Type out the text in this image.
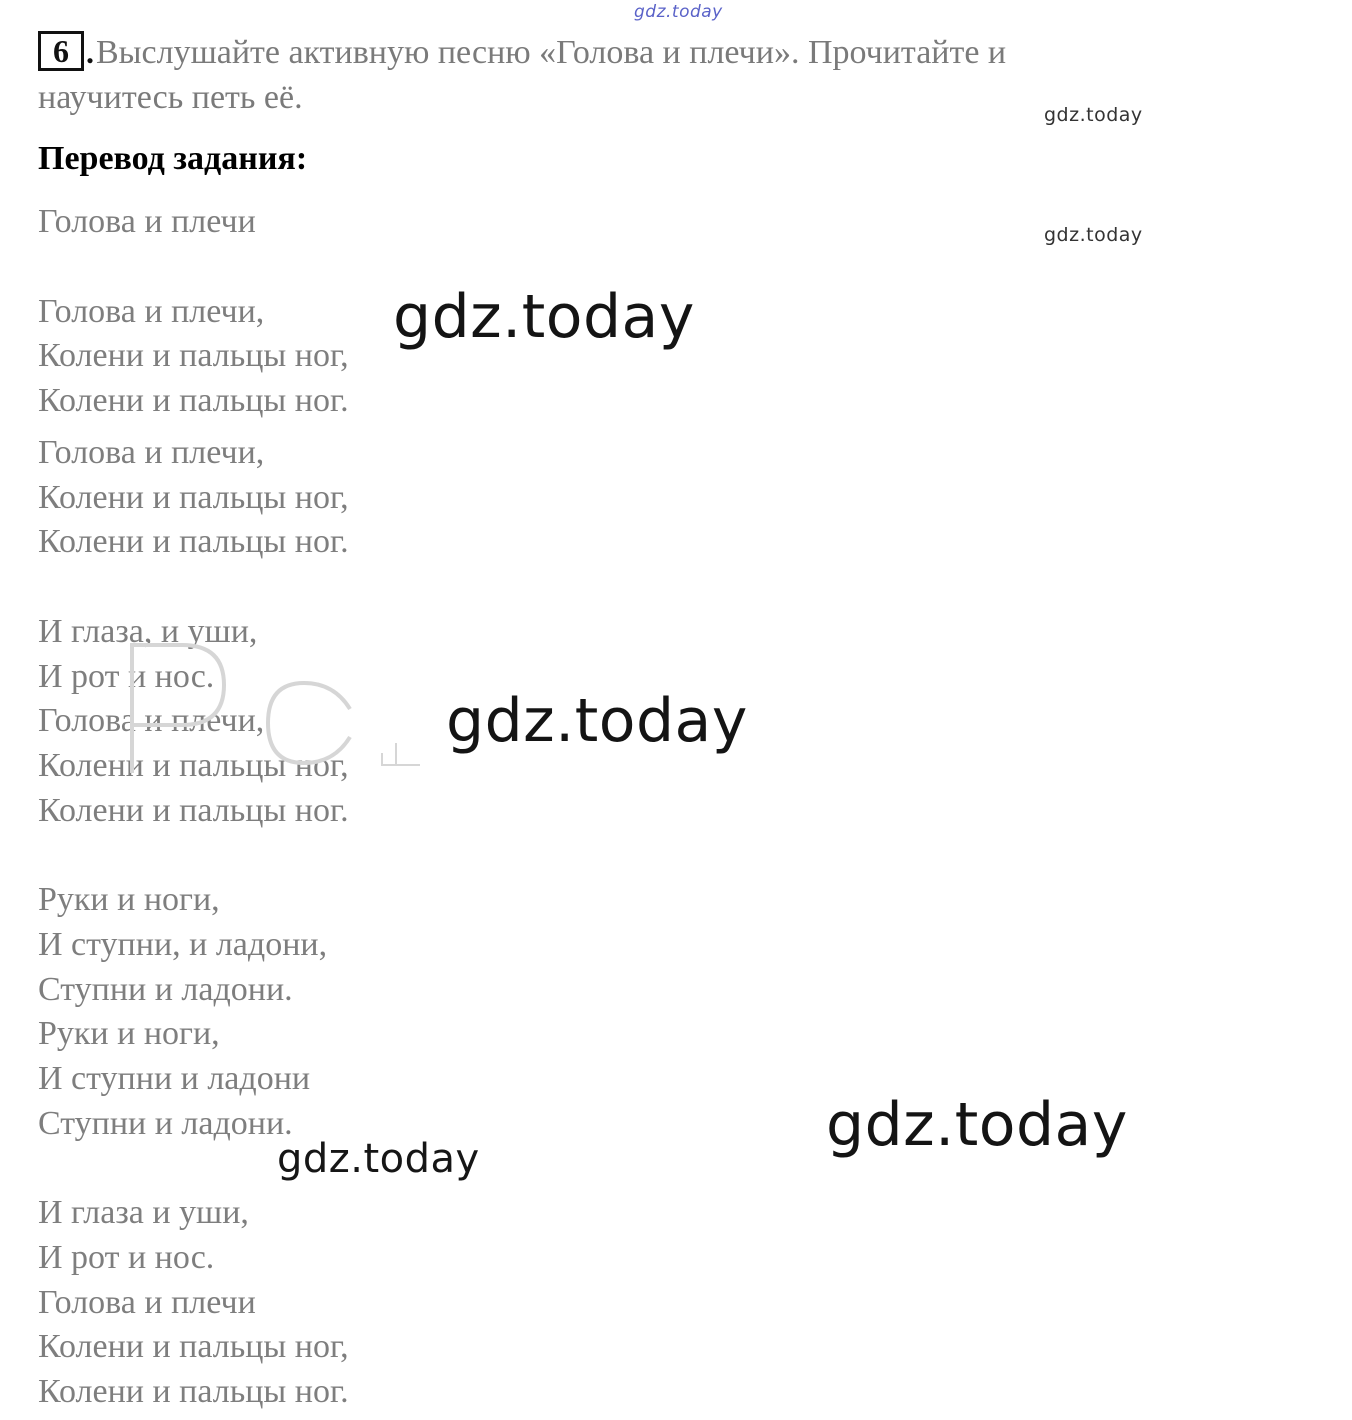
gdz.today
6 . Выслушайте активную песню «Голова и плечи». Прочитайте и научитесь петь её.	gdz.today
Перевод задания:

Голова и плечи	gdz.today

Голова и плечи,

Колени и пальцы ног,

Колени и пальцы ног.

Голова и плечи,

Колени и пальцы ног,

Колени и пальцы ног.

gdz.today

И глаза, и уши,

И рот и нос.

Голова и плечи,

Колени и пальцы ног,

Колени и пальцы ног.

gdz.today

Руки и ноги,

И ступни, и ладони,

Ступни и ладони.

Руки и ноги,

И ступни и ладони

Ступни и ладони.

gdz.today	gdz.today

И глаза и уши,

И рот и нос.

Голова и плечи

Колени и пальцы ног,

Колени и пальцы ног.
